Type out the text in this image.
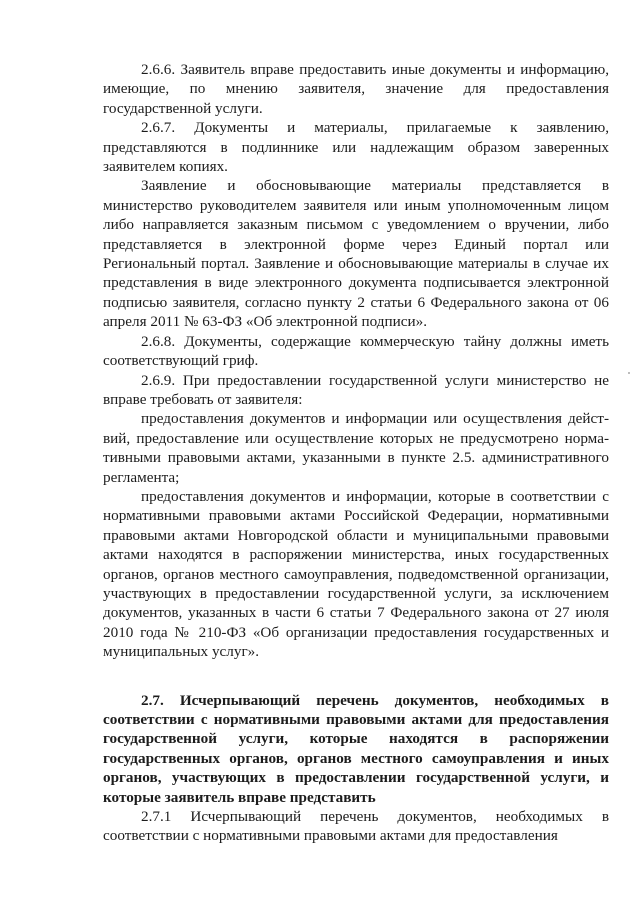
2.6.6. Заявитель вправе предоставить иные документы и информацию, имеющие, по мнению заявителя, значение для предоставления государственной услуги.

2.6.7. Документы и материалы, прилагаемые к заявлению, представляются в подлиннике или надлежащим образом заверенных заявителем копиях.

Заявление и обосновывающие материалы представляется в министерство руководителем заявителя или иным уполномоченным лицом либо направляется заказным письмом с уведомлением о вручении, либо представляется в электронной форме через Единый портал или Региональный портал. Заявление и обосновывающие материалы в случае их представления в виде электронного документа подписывается электронной подписью заявителя, согласно пункту 2 статьи 6 Федерального закона от 06 апреля 2011 № 63-ФЗ «Об электронной подписи».

2.6.8. Документы, содержащие коммерческую тайну должны иметь соответствующий гриф.

2.6.9. При предоставлении государственной услуги министерство не вправе требовать от заявителя:

предоставления документов и информации или осуществления действий, предоставление или осуществление которых не предусмотрено нормативными правовыми актами, указанными в пункте 2.5. административного регламента;

предоставления документов и информации, которые в соответствии с нормативными правовыми актами Российской Федерации, нормативными правовыми актами Новгородской области и муниципальными правовыми актами находятся в распоряжении министерства, иных государственных органов, органов местного самоуправления, подведомственной организации, участвующих в предоставлении государственной услуги, за исключением документов, указанных в части 6 статьи 7 Федерального закона от 27 июля 2010 года № 210-ФЗ «Об организации предоставления государственных и муниципальных услуг».

2.7. Исчерпывающий перечень документов, необходимых в соответствии с нормативными правовыми актами для предоставления государственной услуги, которые находятся в распоряжении государственных органов, органов местного самоуправления и иных органов, участвующих в предоставлении государственной услуги, и которые заявитель вправе представить

2.7.1 Исчерпывающий перечень документов, необходимых в соответствии с нормативными правовыми актами для предоставления
